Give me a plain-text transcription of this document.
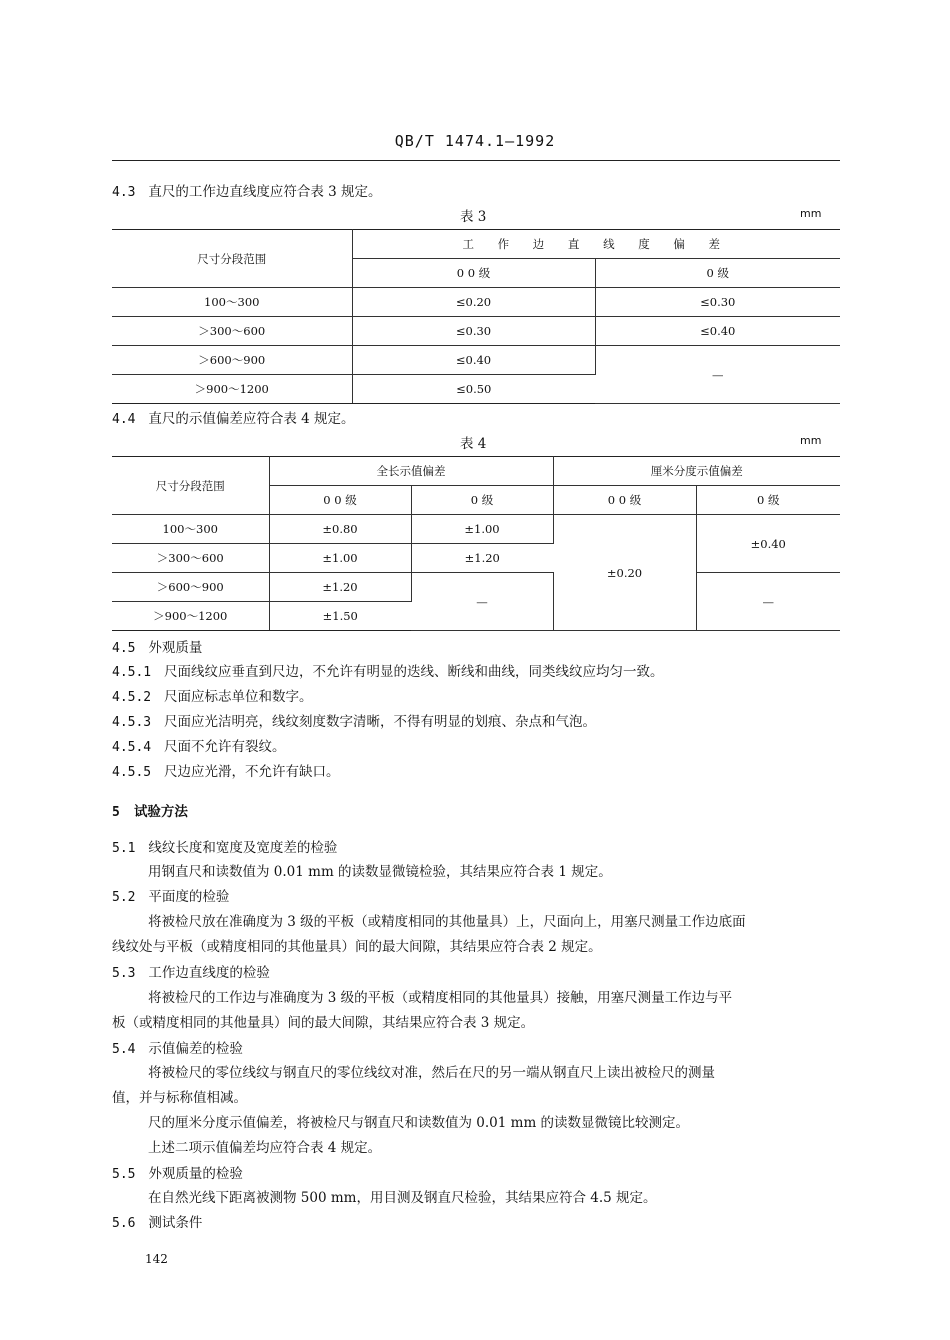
QB/T 1474.1—1992
4.3 直尺的工作边直线度应符合表 3 规定。
表 3	mm
尺寸分段范围	工 作 边 直 线 度 偏 差	
	0 0 级	0 级
100～300	≤0.20	≤0.30
＞300～600	≤0.30	≤0.40
＞600～900	≤0.40	—
＞900～1200	≤0.50	
4.4 直尺的示值偏差应符合表 4 规定。
表 4	mm
尺寸分段范围	全长示值偏差		厘米分度示值偏差	
	0 0 级	0 级	0 0 级	0 级
100～300	±0.80	±1.00	±0.20	±0.40
＞300～600	±1.00	±1.20		
＞600～900	±1.20	—		—
＞900～1200	±1.50			
4.5 外观质量
4.5.1 尺面线纹应垂直到尺边，不允许有明显的迭线、断线和曲线，同类线纹应均匀一致。
4.5.2 尺面应标志单位和数字。
4.5.3 尺面应光洁明亮，线纹刻度数字清晰，不得有明显的划痕、杂点和气泡。
4.5.4 尺面不允许有裂纹。
4.5.5 尺边应光滑，不允许有缺口。
5 试验方法
5.1 线纹长度和宽度及宽度差的检验
用钢直尺和读数值为 0.01 mm 的读数显微镜检验，其结果应符合表 1 规定。
5.2 平面度的检验
将被检尺放在准确度为 3 级的平板（或精度相同的其他量具）上，尺面向上，用塞尺测量工作边底面
线纹处与平板（或精度相同的其他量具）间的最大间隙，其结果应符合表 2 规定。
5.3 工作边直线度的检验
将被检尺的工作边与准确度为 3 级的平板（或精度相同的其他量具）接触，用塞尺测量工作边与平
板（或精度相同的其他量具）间的最大间隙，其结果应符合表 3 规定。
5.4 示值偏差的检验
将被检尺的零位线纹与钢直尺的零位线纹对准，然后在尺的另一端从钢直尺上读出被检尺的测量
值，并与标称值相减。
尺的厘米分度示值偏差，将被检尺与钢直尺和读数值为 0.01 mm 的读数显微镜比较测定。
上述二项示值偏差均应符合表 4 规定。
5.5 外观质量的检验
在自然光线下距离被测物 500 mm，用目测及钢直尺检验，其结果应符合 4.5 规定。
5.6 测试条件
142
